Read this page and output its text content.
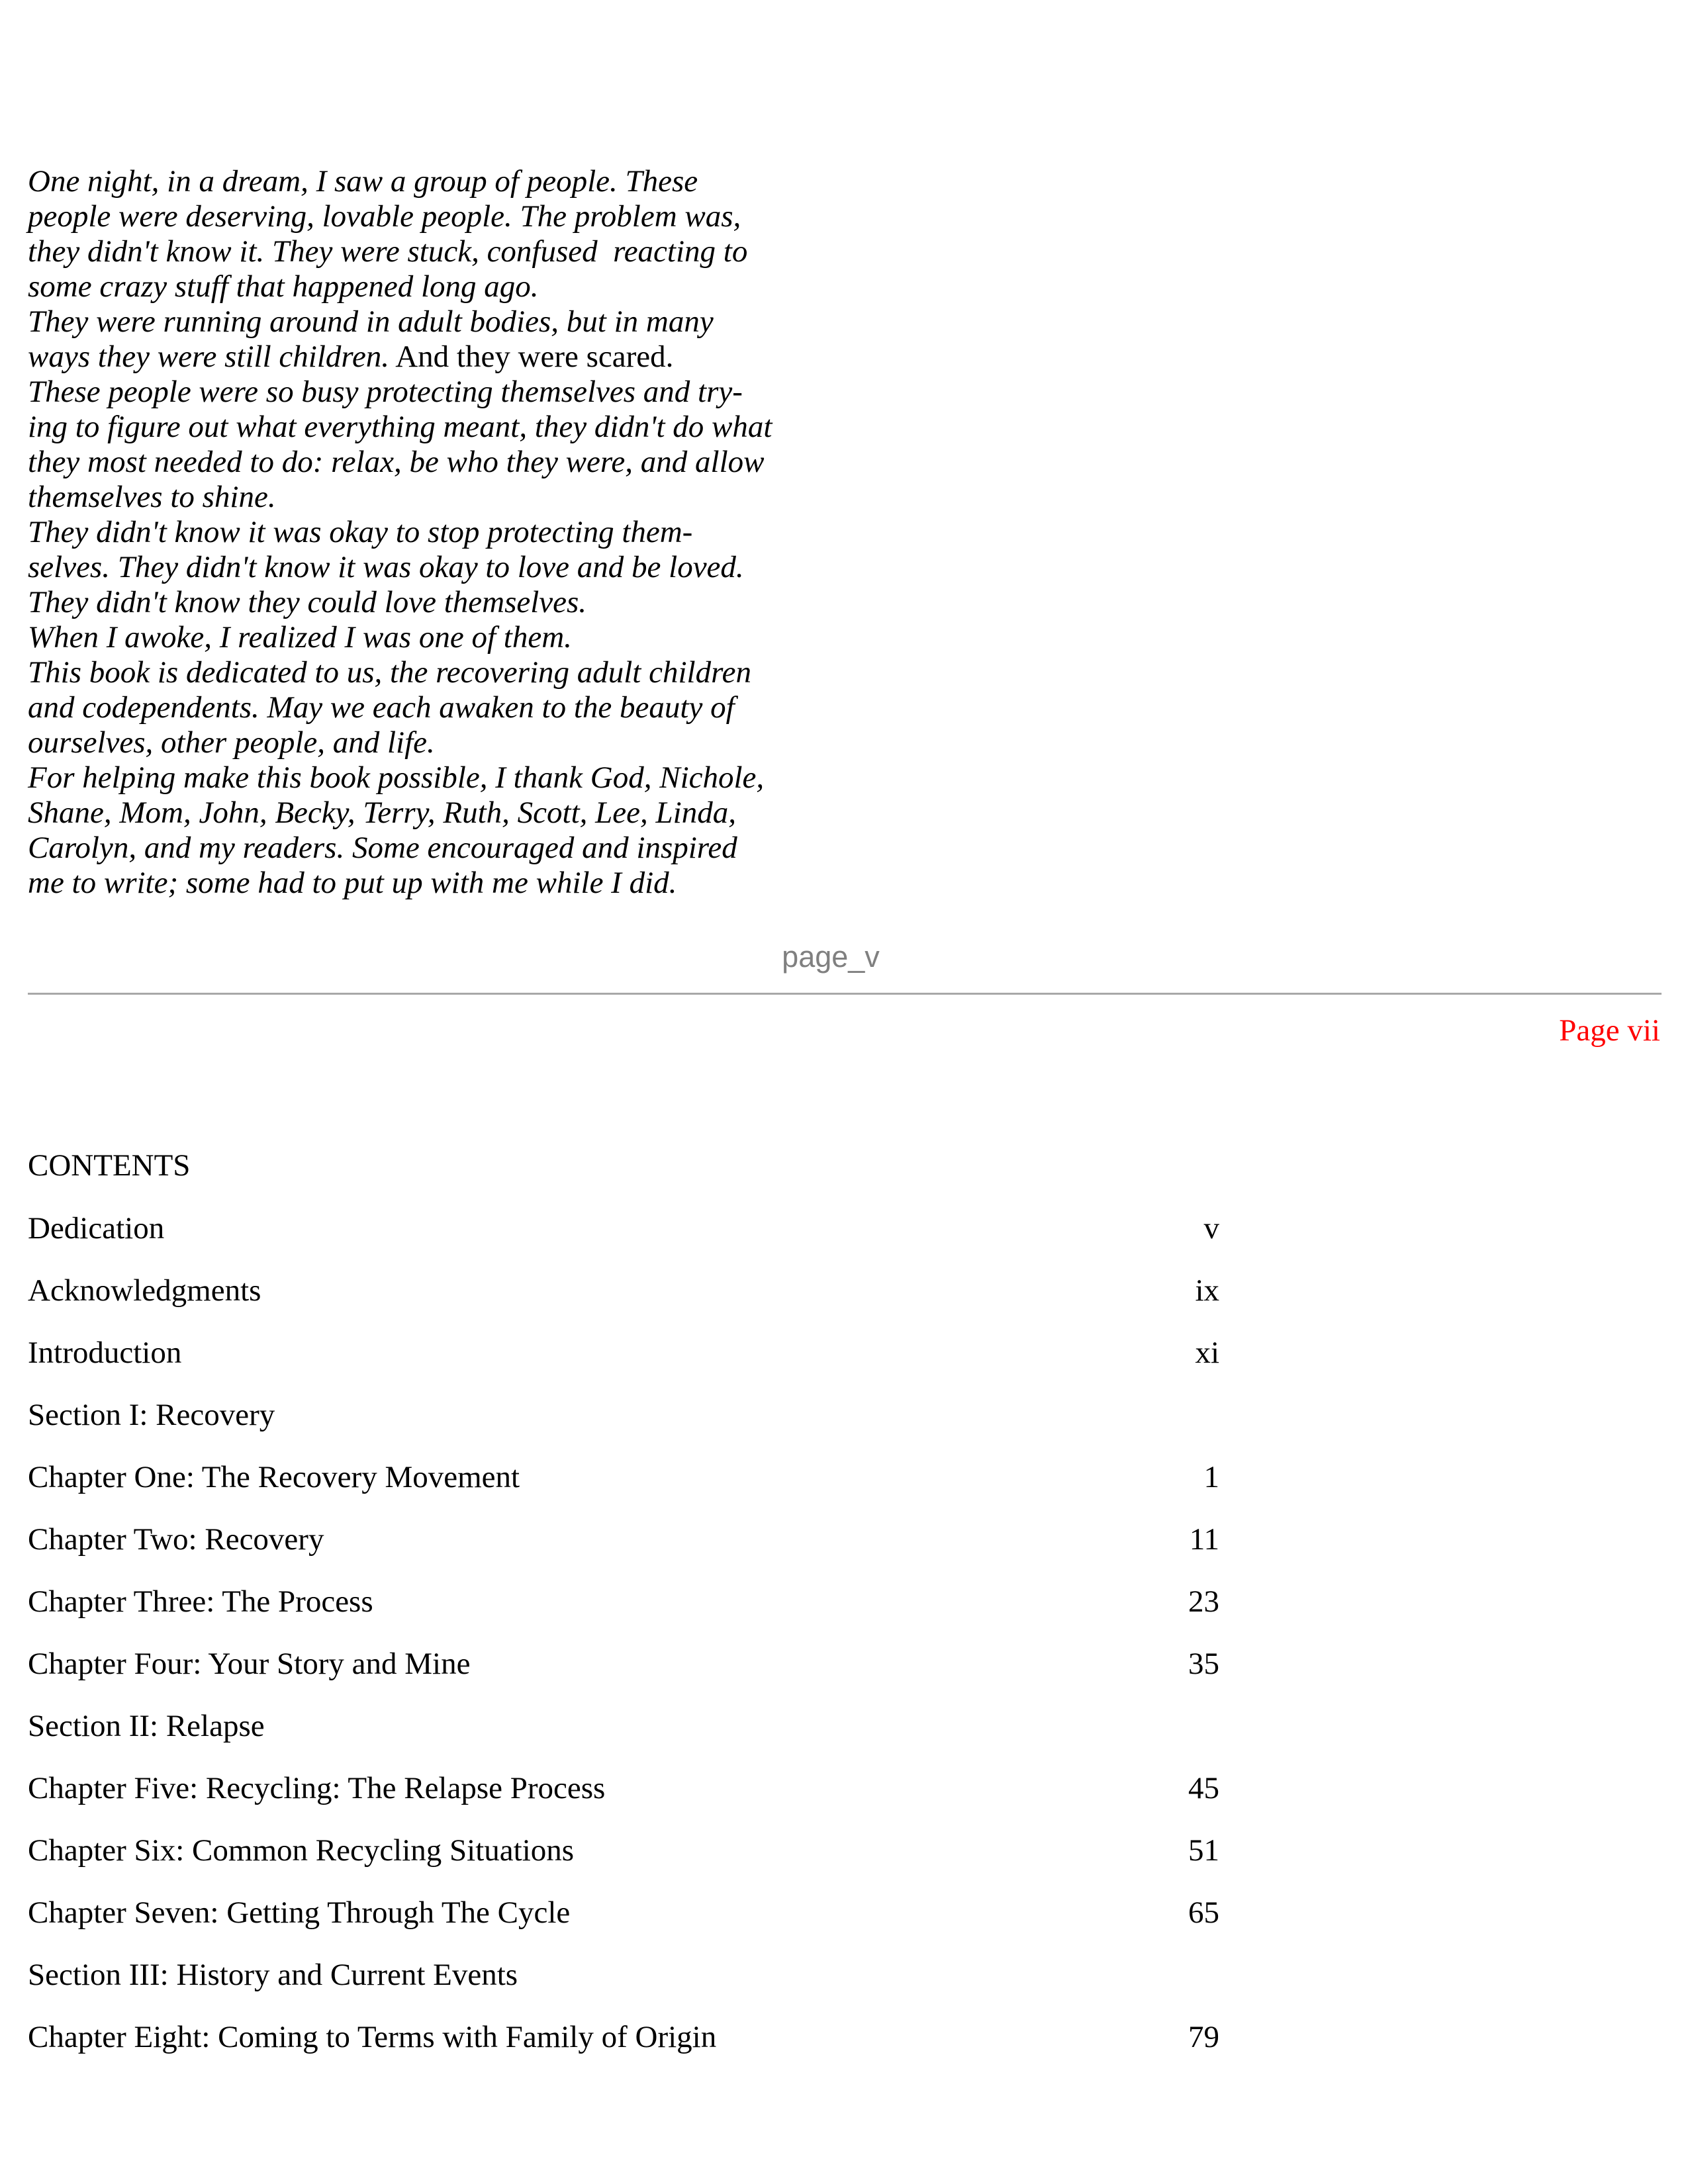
One night, in a dream, I saw a group of people. These
people were deserving, lovable people. The problem was,
they didn't know it. They were stuck, confused  reacting to
some crazy stuff that happened long ago.
They were running around in adult bodies, but in many
ways they were still children. And they were scared.
These people were so busy protecting themselves and try-
ing to figure out what everything meant, they didn't do what
they most needed to do: relax, be who they were, and allow
themselves to shine.
They didn't know it was okay to stop protecting them-
selves. They didn't know it was okay to love and be loved.
They didn't know they could love themselves.
When I awoke, I realized I was one of them.
This book is dedicated to us, the recovering adult children
and codependents. May we each awaken to the beauty of
ourselves, other people, and life.
For helping make this book possible, I thank God, Nichole,
Shane, Mom, John, Becky, Terry, Ruth, Scott, Lee, Linda,
Carolyn, and my readers. Some encouraged and inspired
me to write; some had to put up with me while I did.
page_v
Page vii
CONTENTS
Dedication	v
Acknowledgments	ix
Introduction	xi
Section I: Recovery
Chapter One: The Recovery Movement	1
Chapter Two: Recovery	11
Chapter Three: The Process	23
Chapter Four: Your Story and Mine	35
Section II: Relapse
Chapter Five: Recycling: The Relapse Process	45
Chapter Six: Common Recycling Situations	51
Chapter Seven: Getting Through The Cycle	65
Section III: History and Current Events
Chapter Eight: Coming to Terms with Family of Origin	79
